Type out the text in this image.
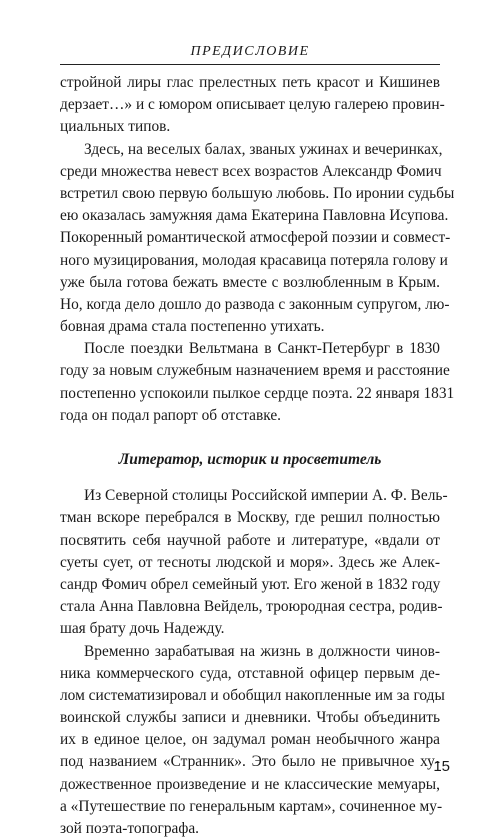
ПРЕДИСЛОВИЕ
стройной лиры глас прелестных петь красот и Кишинев
дерзает…» и с юмором описывает целую галерею провин-
циальных типов.
Здесь, на веселых балах, званых ужинах и вечеринках,
среди множества невест всех возрастов Александр Фомич
встретил свою первую большую любовь. По иронии судьбы
ею оказалась замужняя дама Екатерина Павловна Исупова.
Покоренный романтической атмосферой поэзии и совмест-
ного музицирования, молодая красавица потеряла голову и
уже была готова бежать вместе с возлюбленным в Крым.
Но, когда дело дошло до развода с законным супругом, лю-
бовная драма стала постепенно утихать.
После поездки Вельтмана в Санкт-Петербург в 1830
году за новым служебным назначением время и расстояние
постепенно успокоили пылкое сердце поэта. 22 января 1831
года он подал рапорт об отставке.
Литератор, историк и просветитель
Из Северной столицы Российской империи А. Ф. Вель-
тман вскоре перебрался в Москву, где решил полностью
посвятить себя научной работе и литературе, «вдали от
суеты сует, от тесноты людской и моря». Здесь же Алек-
сандр Фомич обрел семейный уют. Его женой в 1832 году
стала Анна Павловна Вейдель, троюродная сестра, родив-
шая брату дочь Надежду.
Временно зарабатывая на жизнь в должности чинов-
ника коммерческого суда, отставной офицер первым де-
лом систематизировал и обобщил накопленные им за годы
воинской службы записи и дневники. Чтобы объединить
их в единое целое, он задумал роман необычного жанра
под названием «Странник». Это было не привычное ху-
дожественное произведение и не классические мемуары,
а «Путешествие по генеральным картам», сочиненное му-
зой поэта-топографа.
15
